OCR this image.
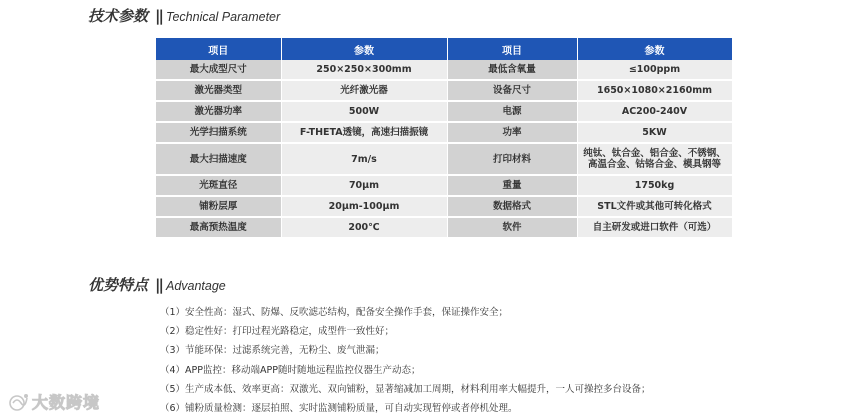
技术参数 || Technical Parameter
项目	参数	项目	参数
最大成型尺寸	250×250×300mm	最低含氧量	≤100ppm
激光器类型	光纤激光器	设备尺寸	1650×1080×2160mm
激光器功率	500W	电源	AC200-240V
光学扫描系统	F-THETA透镜，高速扫描振镜	功率	5KW
最大扫描速度	7m/s	打印材料	纯钛、钛合金、铝合金、不锈钢、
高温合金、钴铬合金、模具钢等
光斑直径	70μm	重量	1750kg
铺粉层厚	20μm-100μm	数据格式	STL文件或其他可转化格式
最高预热温度	200℃	软件	自主研发或进口软件（可选）
优势特点 || Advantage
（1）安全性高：湿式、防爆、反吹滤芯结构，配备安全操作手套，保证操作安全；
（2）稳定性好：打印过程光路稳定，成型件一致性好；
（3）节能环保：过滤系统完善，无粉尘、废气泄漏；
（4）APP监控：移动端APP随时随地远程监控仪器生产动态；
（5）生产成本低、效率更高：双激光、双向铺粉，显著缩减加工周期，材料利用率大幅提升，一人可操控多台设备；
（6）铺粉质量检测：逐层拍照、实时监测铺粉质量，可自动实现暂停或者停机处理。
大数跨境
